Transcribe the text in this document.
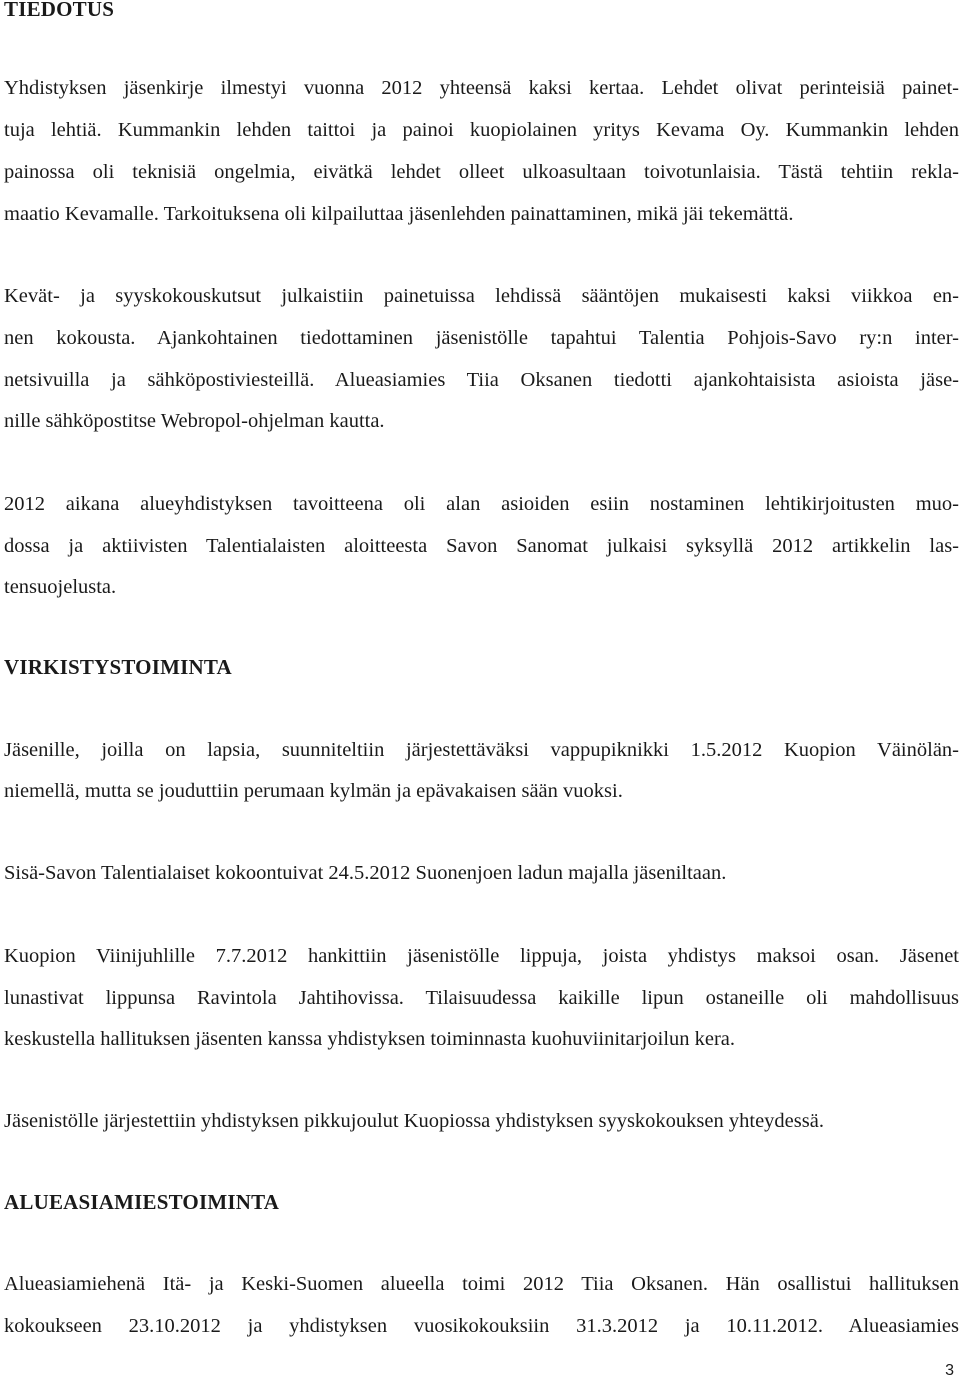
TIEDOTUS

Yhdistyksen jäsenkirje ilmestyi vuonna 2012 yhteensä kaksi kertaa. Lehdet olivat perinteisiä painet-

tuja lehtiä. Kummankin lehden taittoi ja painoi kuopiolainen yritys Kevama Oy. Kummankin lehden

painossa oli teknisiä ongelmia, eivätkä lehdet olleet ulkoasultaan toivotunlaisia. Tästä tehtiin rekla-

maatio Kevamalle. Tarkoituksena oli kilpailuttaa jäsenlehden painattaminen, mikä jäi tekemättä.

Kevät- ja syyskokouskutsut julkaistiin painetuissa lehdissä sääntöjen mukaisesti kaksi viikkoa en-

nen kokousta. Ajankohtainen tiedottaminen jäsenistölle tapahtui Talentia Pohjois-Savo ry:n inter-

netsivuilla ja sähköpostiviesteillä. Alueasiamies Tiia Oksanen tiedotti ajankohtaisista asioista jäse-

nille sähköpostitse Webropol-ohjelman kautta.

2012 aikana alueyhdistyksen tavoitteena oli alan asioiden esiin nostaminen lehtikirjoitusten muo-

dossa ja aktiivisten Talentialaisten aloitteesta Savon Sanomat julkaisi syksyllä 2012 artikkelin las-

tensuojelusta.

VIRKISTYSTOIMINTA

Jäsenille, joilla on lapsia, suunniteltiin järjestettäväksi vappupiknikki 1.5.2012 Kuopion Väinölän-

niemellä, mutta se jouduttiin perumaan kylmän ja epävakaisen sään vuoksi.

Sisä-Savon Talentialaiset kokoontuivat 24.5.2012 Suonenjoen ladun majalla jäseniltaan.

Kuopion Viinijuhlille 7.7.2012 hankittiin jäsenistölle lippuja, joista yhdistys maksoi osan. Jäsenet

lunastivat lippunsa Ravintola Jahtihovissa. Tilaisuudessa kaikille lipun ostaneille oli mahdollisuus

keskustella hallituksen jäsenten kanssa yhdistyksen toiminnasta kuohuviinitarjoilun kera.

Jäsenistölle järjestettiin yhdistyksen pikkujoulut Kuopiossa yhdistyksen syyskokouksen yhteydessä.

ALUEASIAMIESTOIMINTA

Alueasiamiehenä Itä- ja Keski-Suomen alueella toimi 2012 Tiia Oksanen. Hän osallistui hallituksen

kokoukseen 23.10.2012 ja yhdistyksen vuosikokouksiin 31.3.2012 ja 10.11.2012. Alueasiamies

3
